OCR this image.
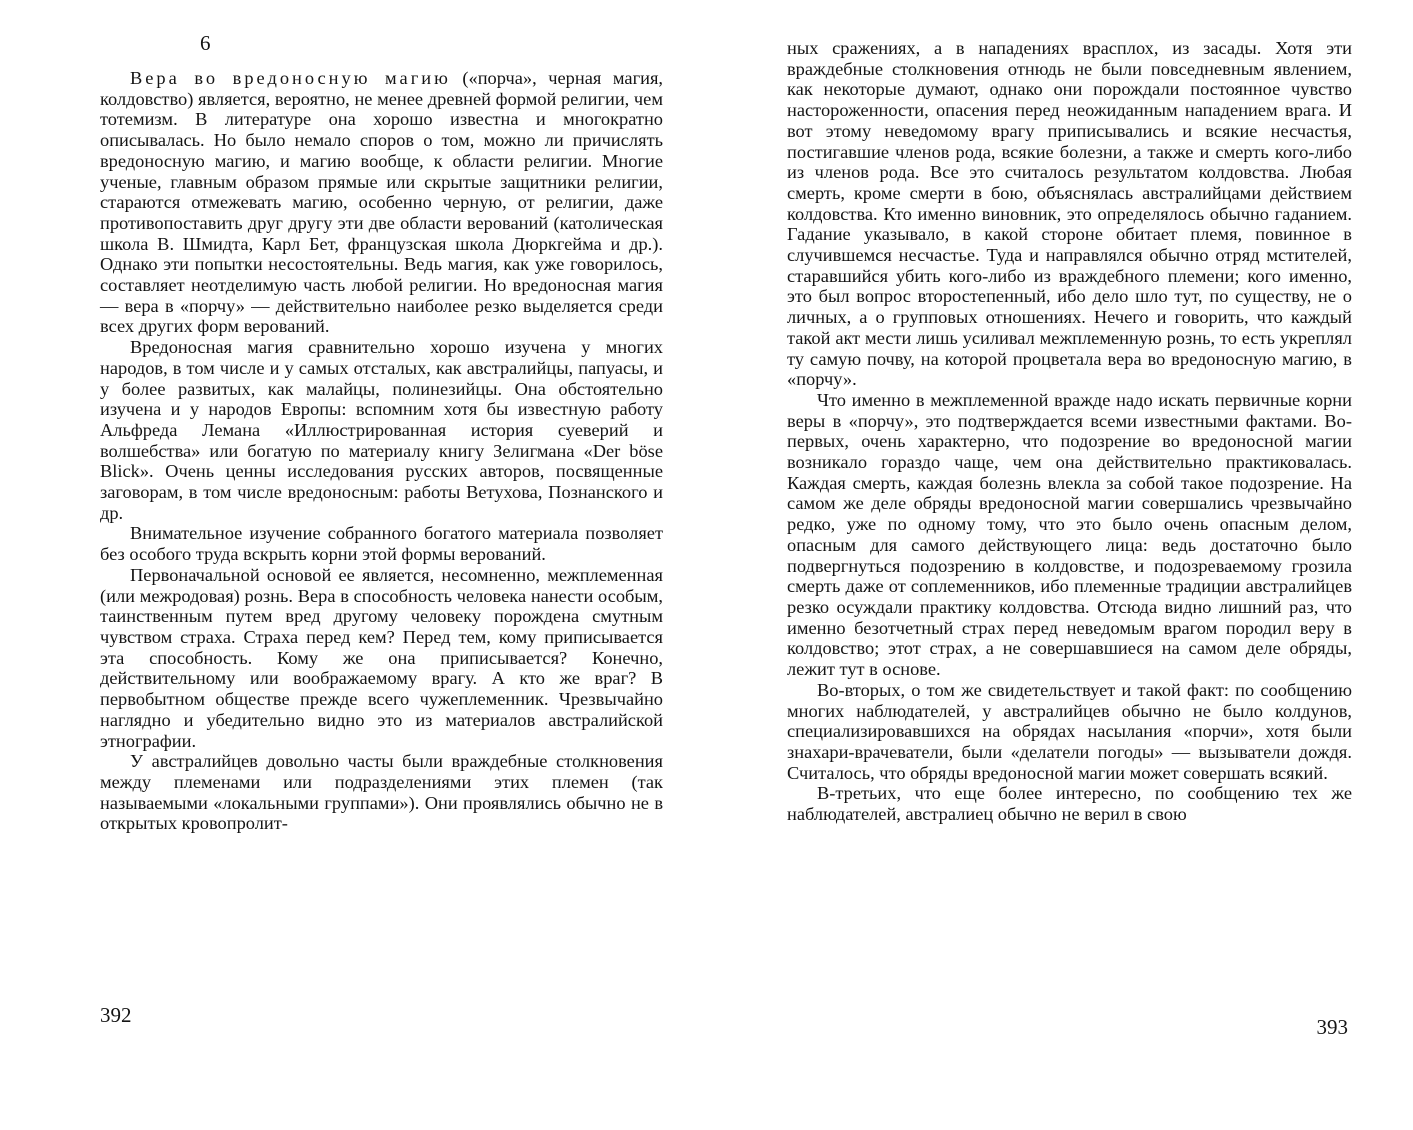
6

Вера во вредоносную магию («порча», черная магия, колдовство) является, вероятно, не менее древней формой религии, чем тотемизм. В литературе она хорошо известна и многократно описывалась. Но было немало споров о том, можно ли причислять вредоносную магию, и магию вообще, к области религии. Многие ученые, главным образом прямые или скрытые защитники религии, стараются отмежевать магию, особенно черную, от религии, даже противопоставить друг другу эти две области верований (католическая школа В. Шмидта, Карл Бет, французская школа Дюркгейма и др.). Однако эти попытки несостоятельны. Ведь магия, как уже говорилось, составляет неотделимую часть любой религии. Но вредоносная магия — вера в «порчу» — действительно наиболее резко выделяется среди всех других форм верований.

Вредоносная магия сравнительно хорошо изучена у многих народов, в том числе и у самых отсталых, как австралийцы, папуасы, и у более развитых, как малайцы, полинезийцы. Она обстоятельно изучена и у народов Европы: вспомним хотя бы известную работу Альфреда Лемана «Иллюстрированная история суеверий и волшебства» или богатую по материалу книгу Зелигмана «Der böse Blick». Очень ценны исследования русских авторов, посвященные заговорам, в том числе вредоносным: работы Ветухова, Познанского и др.

Внимательное изучение собранного богатого материала позволяет без особого труда вскрыть корни этой формы верований.

Первоначальной основой ее является, несомненно, межплеменная (или межродовая) рознь. Вера в способность человека нанести особым, таинственным путем вред другому человеку порождена смутным чувством страха. Страха перед кем? Перед тем, кому приписывается эта способность. Кому же она приписывается? Конечно, действительному или воображаемому врагу. А кто же враг? В первобытном обществе прежде всего чужеплеменник. Чрезвычайно наглядно и убедительно видно это из материалов австралийской этнографии.

У австралийцев довольно часты были враждебные столкновения между племенами или подразделениями этих племен (так называемыми «локальными группами»). Они проявлялись обычно не в открытых кровопролит-

392

ных сражениях, а в нападениях врасплох, из засады. Хотя эти враждебные столкновения отнюдь не были повседневным явлением, как некоторые думают, однако они порождали постоянное чувство настороженности, опасения перед неожиданным нападением врага. И вот этому неведомому врагу приписывались и всякие несчастья, постигавшие членов рода, всякие болезни, а также и смерть кого-либо из членов рода. Все это считалось результатом колдовства. Любая смерть, кроме смерти в бою, объяснялась австралийцами действием колдовства. Кто именно виновник, это определялось обычно гаданием. Гадание указывало, в какой стороне обитает племя, повинное в случившемся несчастье. Туда и направлялся обычно отряд мстителей, старавшийся убить кого-либо из враждебного племени; кого именно, это был вопрос второстепенный, ибо дело шло тут, по существу, не о личных, а о групповых отношениях. Нечего и говорить, что каждый такой акт мести лишь усиливал межплеменную рознь, то есть укреплял ту самую почву, на которой процветала вера во вредоносную магию, в «порчу».

Что именно в межплеменной вражде надо искать первичные корни веры в «порчу», это подтверждается всеми известными фактами. Во-первых, очень характерно, что подозрение во вредоносной магии возникало гораздо чаще, чем она действительно практиковалась. Каждая смерть, каждая болезнь влекла за собой такое подозрение. На самом же деле обряды вредоносной магии совершались чрезвычайно редко, уже по одному тому, что это было очень опасным делом, опасным для самого действующего лица: ведь достаточно было подвергнуться подозрению в колдовстве, и подозреваемому грозила смерть даже от соплеменников, ибо племенные традиции австралийцев резко осуждали практику колдовства. Отсюда видно лишний раз, что именно безотчетный страх перед неведомым врагом породил веру в колдовство; этот страх, а не совершавшиеся на самом деле обряды, лежит тут в основе.

Во-вторых, о том же свидетельствует и такой факт: по сообщению многих наблюдателей, у австралийцев обычно не было колдунов, специализировавшихся на обрядах насылания «порчи», хотя были знахари-врачеватели, были «делатели погоды» — вызыватели дождя. Считалось, что обряды вредоносной магии может совершать всякий.

В-третьих, что еще более интересно, по сообщению тех же наблюдателей, австралиец обычно не верил в свою

393
